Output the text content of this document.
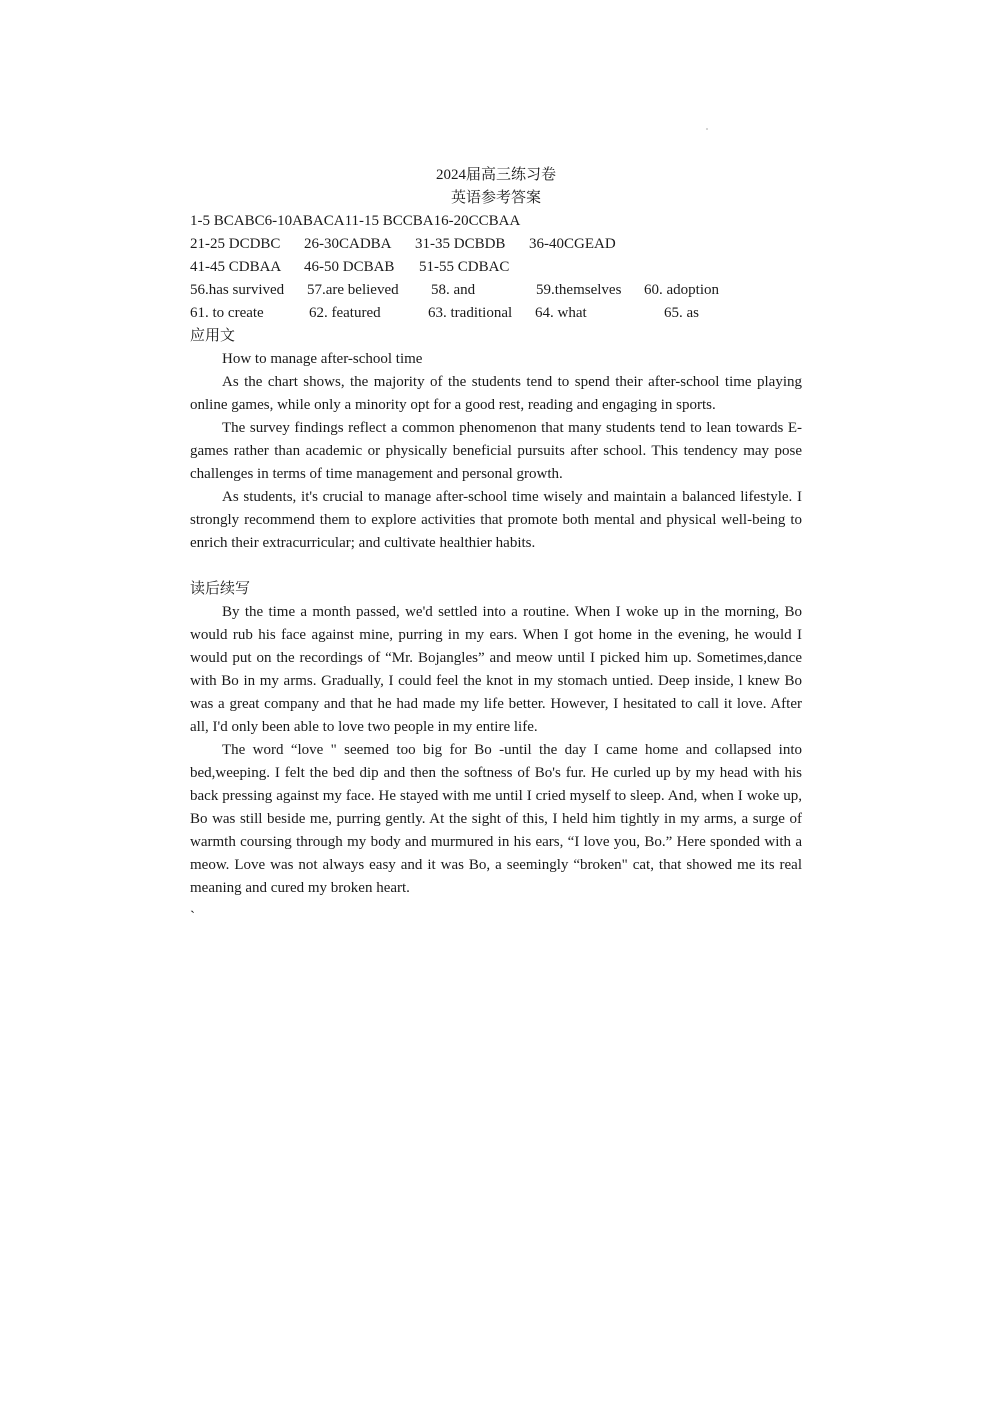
2024届高三练习卷
英语参考答案
1-5 BCABC6-10ABACA11-15 BCCBA16-20CCBAA
21-25 DCDBC 26-30CADBA 31-35 DCBDB 36-40CGEAD
41-45 CDBAA 46-50 DCBAB 51-55 CDBAC
56.has survived 57.are believed 58. and	59.themselves 60. adoption
61. to create	62. featured	63. traditional 64. what	65. as
应用文

How to manage after-school time

As the chart shows, the majority of the students tend to spend their after-school time playing online games, while only a minority opt for a good rest, reading and engaging in sports.

The survey findings reflect a common phenomenon that many students tend to lean towards E-games rather than academic or physically beneficial pursuits after school. This tendency may pose challenges in terms of time management and personal growth.

As students, it's crucial to manage after-school time wisely and maintain a balanced lifestyle. I strongly recommend them to explore activities that promote both mental and physical well-being to enrich their extracurricular; and cultivate healthier habits.

读后续写

By the time a month passed, we'd settled into a routine. When I woke up in the morning, Bo would rub his face against mine, purring in my ears. When I got home in the evening, he would I would put on the recordings of “Mr. Bojangles” and meow until I picked him up. Sometimes,dance with Bo in my arms. Gradually, I could feel the knot in my stomach untied. Deep inside, l knew Bo was a great company and that he had made my life better. However, I hesitated to call it love. After all, I'd only been able to love two people in my entire life.

The word “love " seemed too big for Bo -until the day I came home and collapsed into bed,weeping. I felt the bed dip and then the softness of Bo's fur. He curled up by my head with his back pressing against my face. He stayed with me until I cried myself to sleep. And, when I woke up, Bo was still beside me, purring gently. At the sight of this, I held him tightly in my arms, a surge of warmth coursing through my body and murmured in his ears, “I love you, Bo.” Here sponded with a meow. Love was not always easy and it was Bo, a seemingly “broken" cat, that showed me its real meaning and cured my broken heart.

`
